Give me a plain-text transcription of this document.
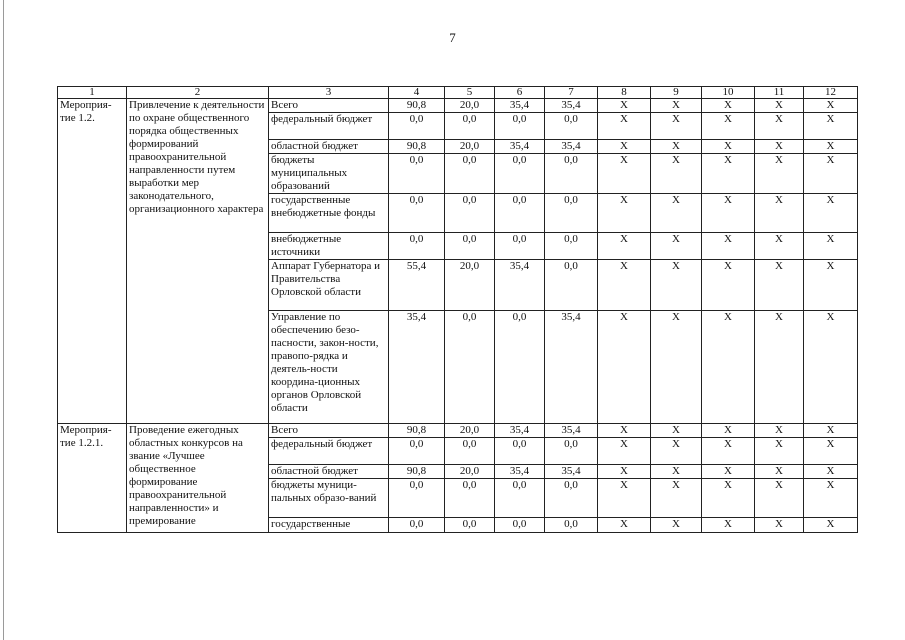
7
1	2	3	4	5	6	7	8	9	10	11	12
Мероприя-тие 1.2.	Привлечение к деятельности по охране общественного порядка общественных формирований правоохранительной направленности путем выработки мер законодательного, организационного характера	Всего	90,8	20,0	35,4	35,4	X	X	X	X	X
		федеральный бюджет	0,0	0,0	0,0	0,0	X	X	X	X	X
		областной бюджет	90,8	20,0	35,4	35,4	X	X	X	X	X
		бюджеты муниципальных образований	0,0	0,0	0,0	0,0	X	X	X	X	X
		государственные внебюджетные фонды	0,0	0,0	0,0	0,0	X	X	X	X	X
		внебюджетные источники	0,0	0,0	0,0	0,0	X	X	X	X	X
		Аппарат Губернатора и Правительства Орловской области	55,4	20,0	35,4	0,0	X	X	X	X	X
		Управление по обеспечению безо-пасности, закон-ности, правопо-рядка и деятель-ности координа-ционных органов Орловской области	35,4	0,0	0,0	35,4	X	X	X	X	X
Мероприя-тие 1.2.1.	Проведение ежегодных областных конкурсов на звание «Лучшее общественное формирование правоохранительной направленности» и премирование	Всего	90,8	20,0	35,4	35,4	X	X	X	X	X
		федеральный бюджет	0,0	0,0	0,0	0,0	X	X	X	X	X
		областной бюджет	90,8	20,0	35,4	35,4	X	X	X	X	X
		бюджеты муници-пальных образо-ваний	0,0	0,0	0,0	0,0	X	X	X	X	X
		государственные	0,0	0,0	0,0	0,0	X	X	X	X	X
